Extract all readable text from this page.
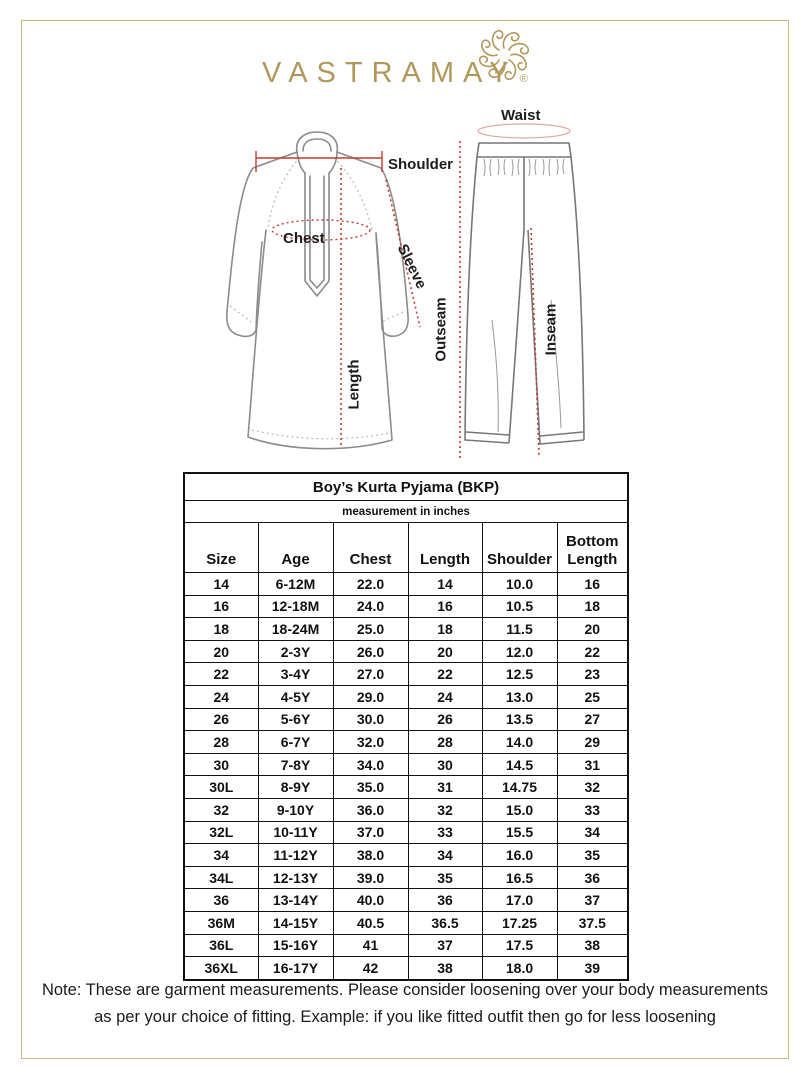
VASTRAMAY ®
Shoulder
Chest
Sleeve
Length
Outseam
Waist
Inseam
Boy’s Kurta Pyjama (BKP)					
measurement in inches					
Size	Age	Chest	Length	Shoulder	Bottom Length
14	6-12M	22.0	14	10.0	16
16	12-18M	24.0	16	10.5	18
18	18-24M	25.0	18	11.5	20
20	2-3Y	26.0	20	12.0	22
22	3-4Y	27.0	22	12.5	23
24	4-5Y	29.0	24	13.0	25
26	5-6Y	30.0	26	13.5	27
28	6-7Y	32.0	28	14.0	29
30	7-8Y	34.0	30	14.5	31
30L	8-9Y	35.0	31	14.75	32
32	9-10Y	36.0	32	15.0	33
32L	10-11Y	37.0	33	15.5	34
34	11-12Y	38.0	34	16.0	35
34L	12-13Y	39.0	35	16.5	36
36	13-14Y	40.0	36	17.0	37
36M	14-15Y	40.5	36.5	17.25	37.5
36L	15-16Y	41	37	17.5	38
36XL	16-17Y	42	38	18.0	39
Note: These are garment measurements. Please consider loosening over your body measurements
as per your choice of fitting. Example: if you like fitted outfit then go for less loosening
